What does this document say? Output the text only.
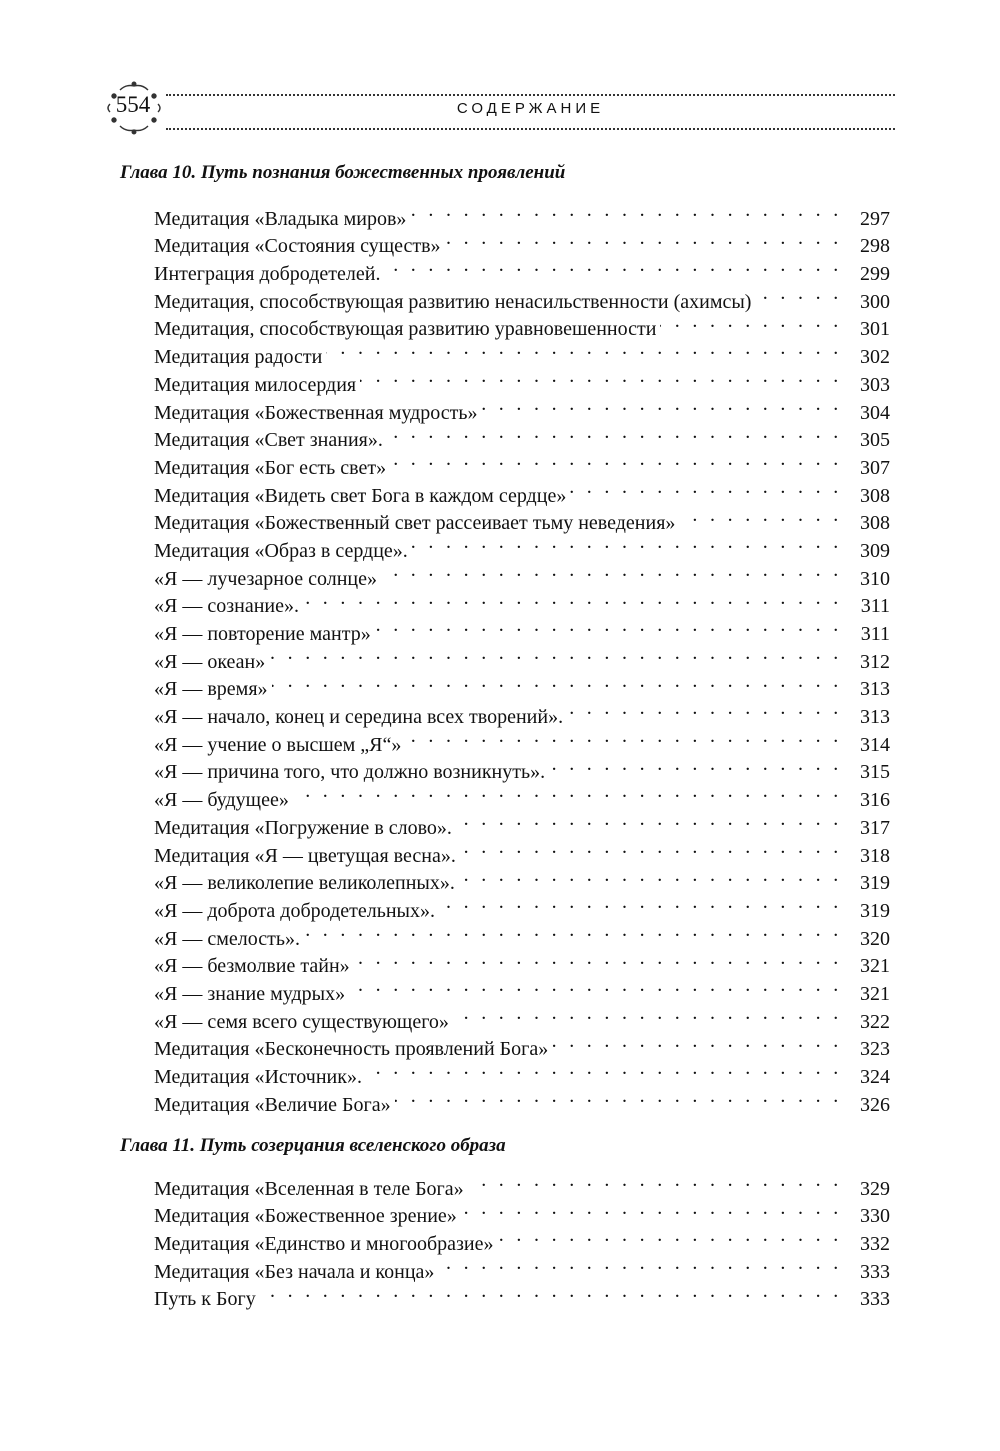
554	СОДЕРЖАНИЕ
Глава 10. Путь познания божественных проявлений
Медитация «Владыка миров» . . .	297
Медитация «Состояния существ» . . .	298
Интеграция добродетелей. . . .	299
Медитация, способствующая развитию ненасильственности (ахимсы) . . .	300
Медитация, способствующая развитию уравновешенности . . .	301
Медитация радости . . .	302
Медитация милосердия . . .	303
Медитация «Божественная мудрость» . . .	304
Медитация «Свет знания». . . .	305
Медитация «Бог есть свет» . . .	307
Медитация «Видеть свет Бога в каждом сердце» . . .	308
Медитация «Божественный свет рассеивает тьму неведения» . . .	308
Медитация «Образ в сердце». . . .	309
«Я — лучезарное солнце» . . .	310
«Я — сознание». . . .	311
«Я — повторение мантр» . . .	311
«Я — океан» . . .	312
«Я — время» . . .	313
«Я — начало, конец и середина всех творений». . . .	313
«Я — учение о высшем „Я“» . . .	314
«Я — причина того, что должно возникнуть». . . .	315
«Я — будущее» . . .	316
Медитация «Погружение в слово». . . .	317
Медитация «Я — цветущая весна». . . .	318
«Я — великолепие великолепных». . . .	319
«Я — доброта добродетельных». . . .	319
«Я — смелость». . . .	320
«Я — безмолвие тайн» . . .	321
«Я — знание мудрых» . . .	321
«Я — семя всего существующего» . . .	322
Медитация «Бесконечность проявлений Бога» . . .	323
Медитация «Источник». . . .	324
Медитация «Величие Бога» . . .	326
Глава 11. Путь созерцания вселенского образа
Медитация «Вселенная в теле Бога» . . .	329
Медитация «Божественное зрение» . . .	330
Медитация «Единство и многообразие» . . .	332
Медитация «Без начала и конца» . . .	333
Путь к Богу . . .	333
